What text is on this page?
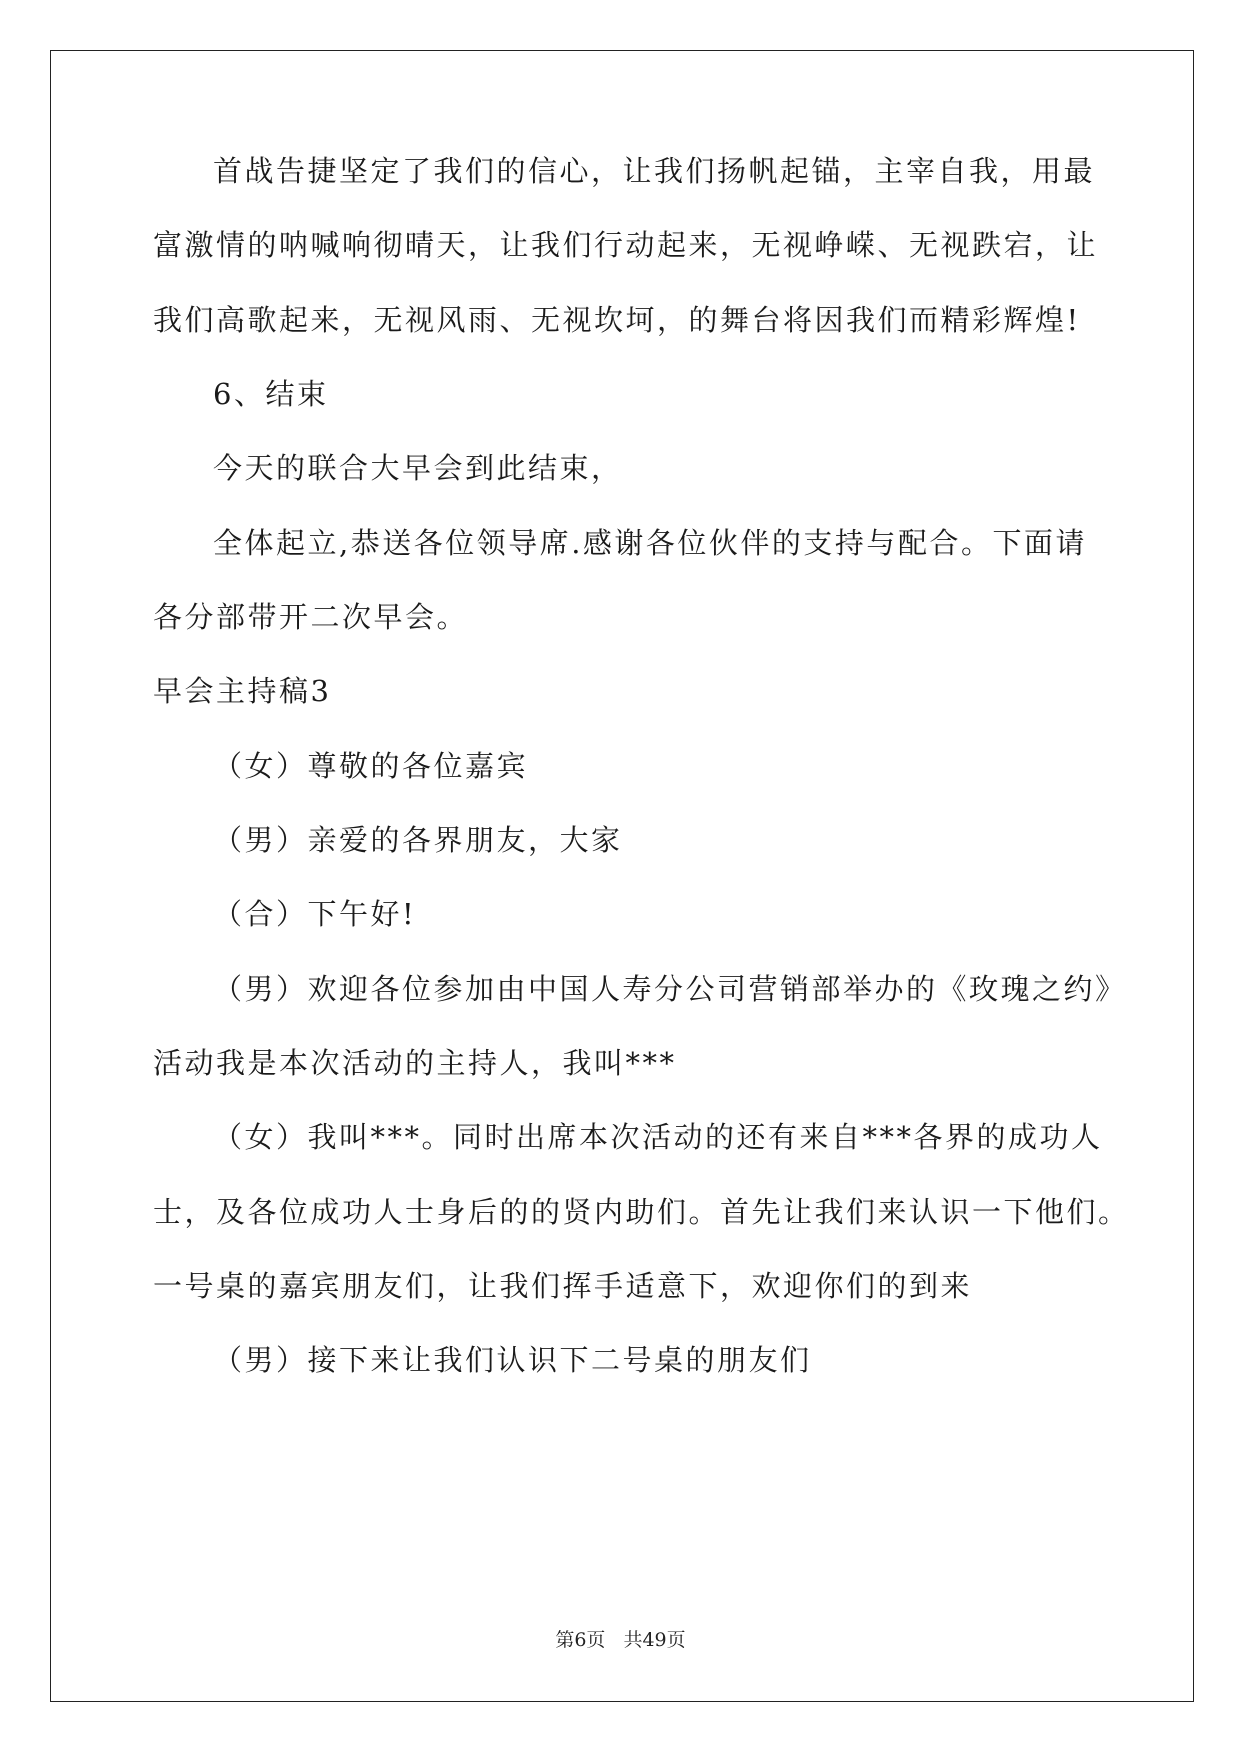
首战告捷坚定了我们的信心，让我们扬帆起锚，主宰自我，用最
富激情的呐喊响彻晴天，让我们行动起来，无视峥嵘、无视跌宕，让
我们高歌起来，无视风雨、无视坎坷，的舞台将因我们而精彩辉煌!
6、结束
今天的联合大早会到此结束，
全体起立,恭送各位领导席.感谢各位伙伴的支持与配合。下面请
各分部带开二次早会。
早会主持稿3
（女）尊敬的各位嘉宾
（男）亲爱的各界朋友，大家
（合）下午好!
（男）欢迎各位参加由中国人寿分公司营销部举办的《玫瑰之约》
活动我是本次活动的主持人，我叫***
（女）我叫***。同时出席本次活动的还有来自***各界的成功人
士，及各位成功人士身后的的贤内助们。首先让我们来认识一下他们。
一号桌的嘉宾朋友们，让我们挥手适意下，欢迎你们的到来
（男）接下来让我们认识下二号桌的朋友们
第6页 共49页
